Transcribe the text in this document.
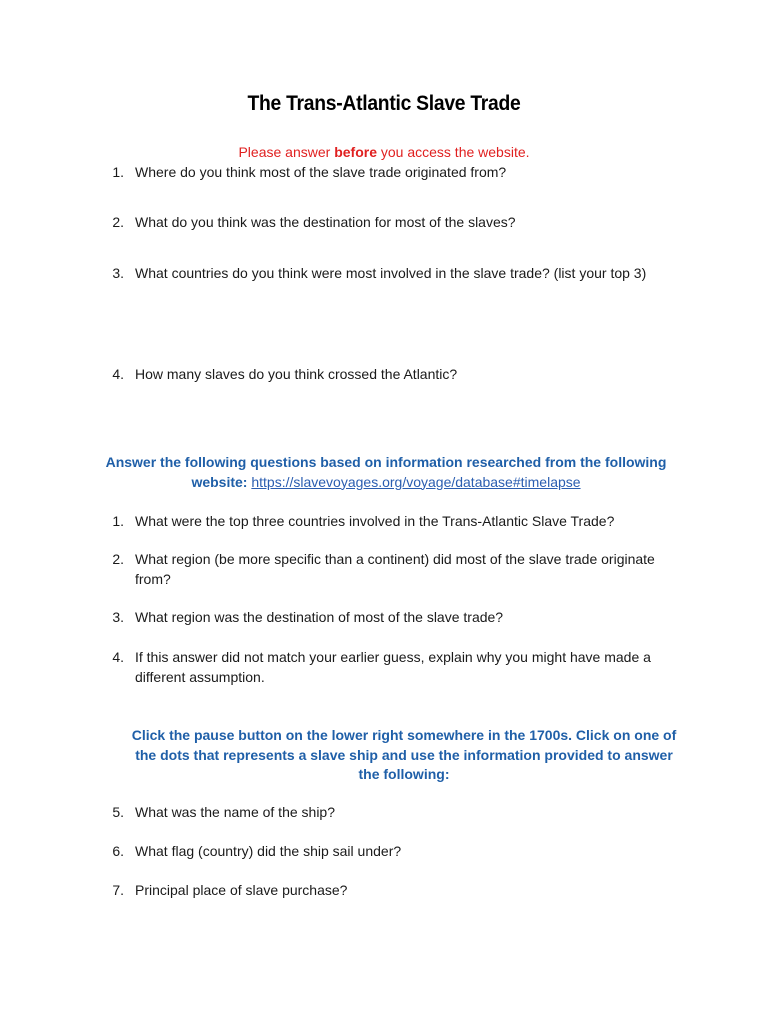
The Trans-Atlantic Slave Trade
Please answer before you access the website.
1. Where do you think most of the slave trade originated from?
2. What do you think was the destination for most of the slaves?
3. What countries do you think were most involved in the slave trade? (list your top 3)
4. How many slaves do you think crossed the Atlantic?
Answer the following questions based on information researched from the following
website: https://slavevoyages.org/voyage/database#timelapse
1. What were the top three countries involved in the Trans-Atlantic Slave Trade?
2. What region (be more specific than a continent) did most of the slave trade originate from?
3. What region was the destination of most of the slave trade?
4. If this answer did not match your earlier guess, explain why you might have made a different assumption.
Click the pause button on the lower right somewhere in the 1700s. Click on one of the dots that represents a slave ship and use the information provided to answer the following:
5. What was the name of the ship?
6. What flag (country) did the ship sail under?
7. Principal place of slave purchase?
